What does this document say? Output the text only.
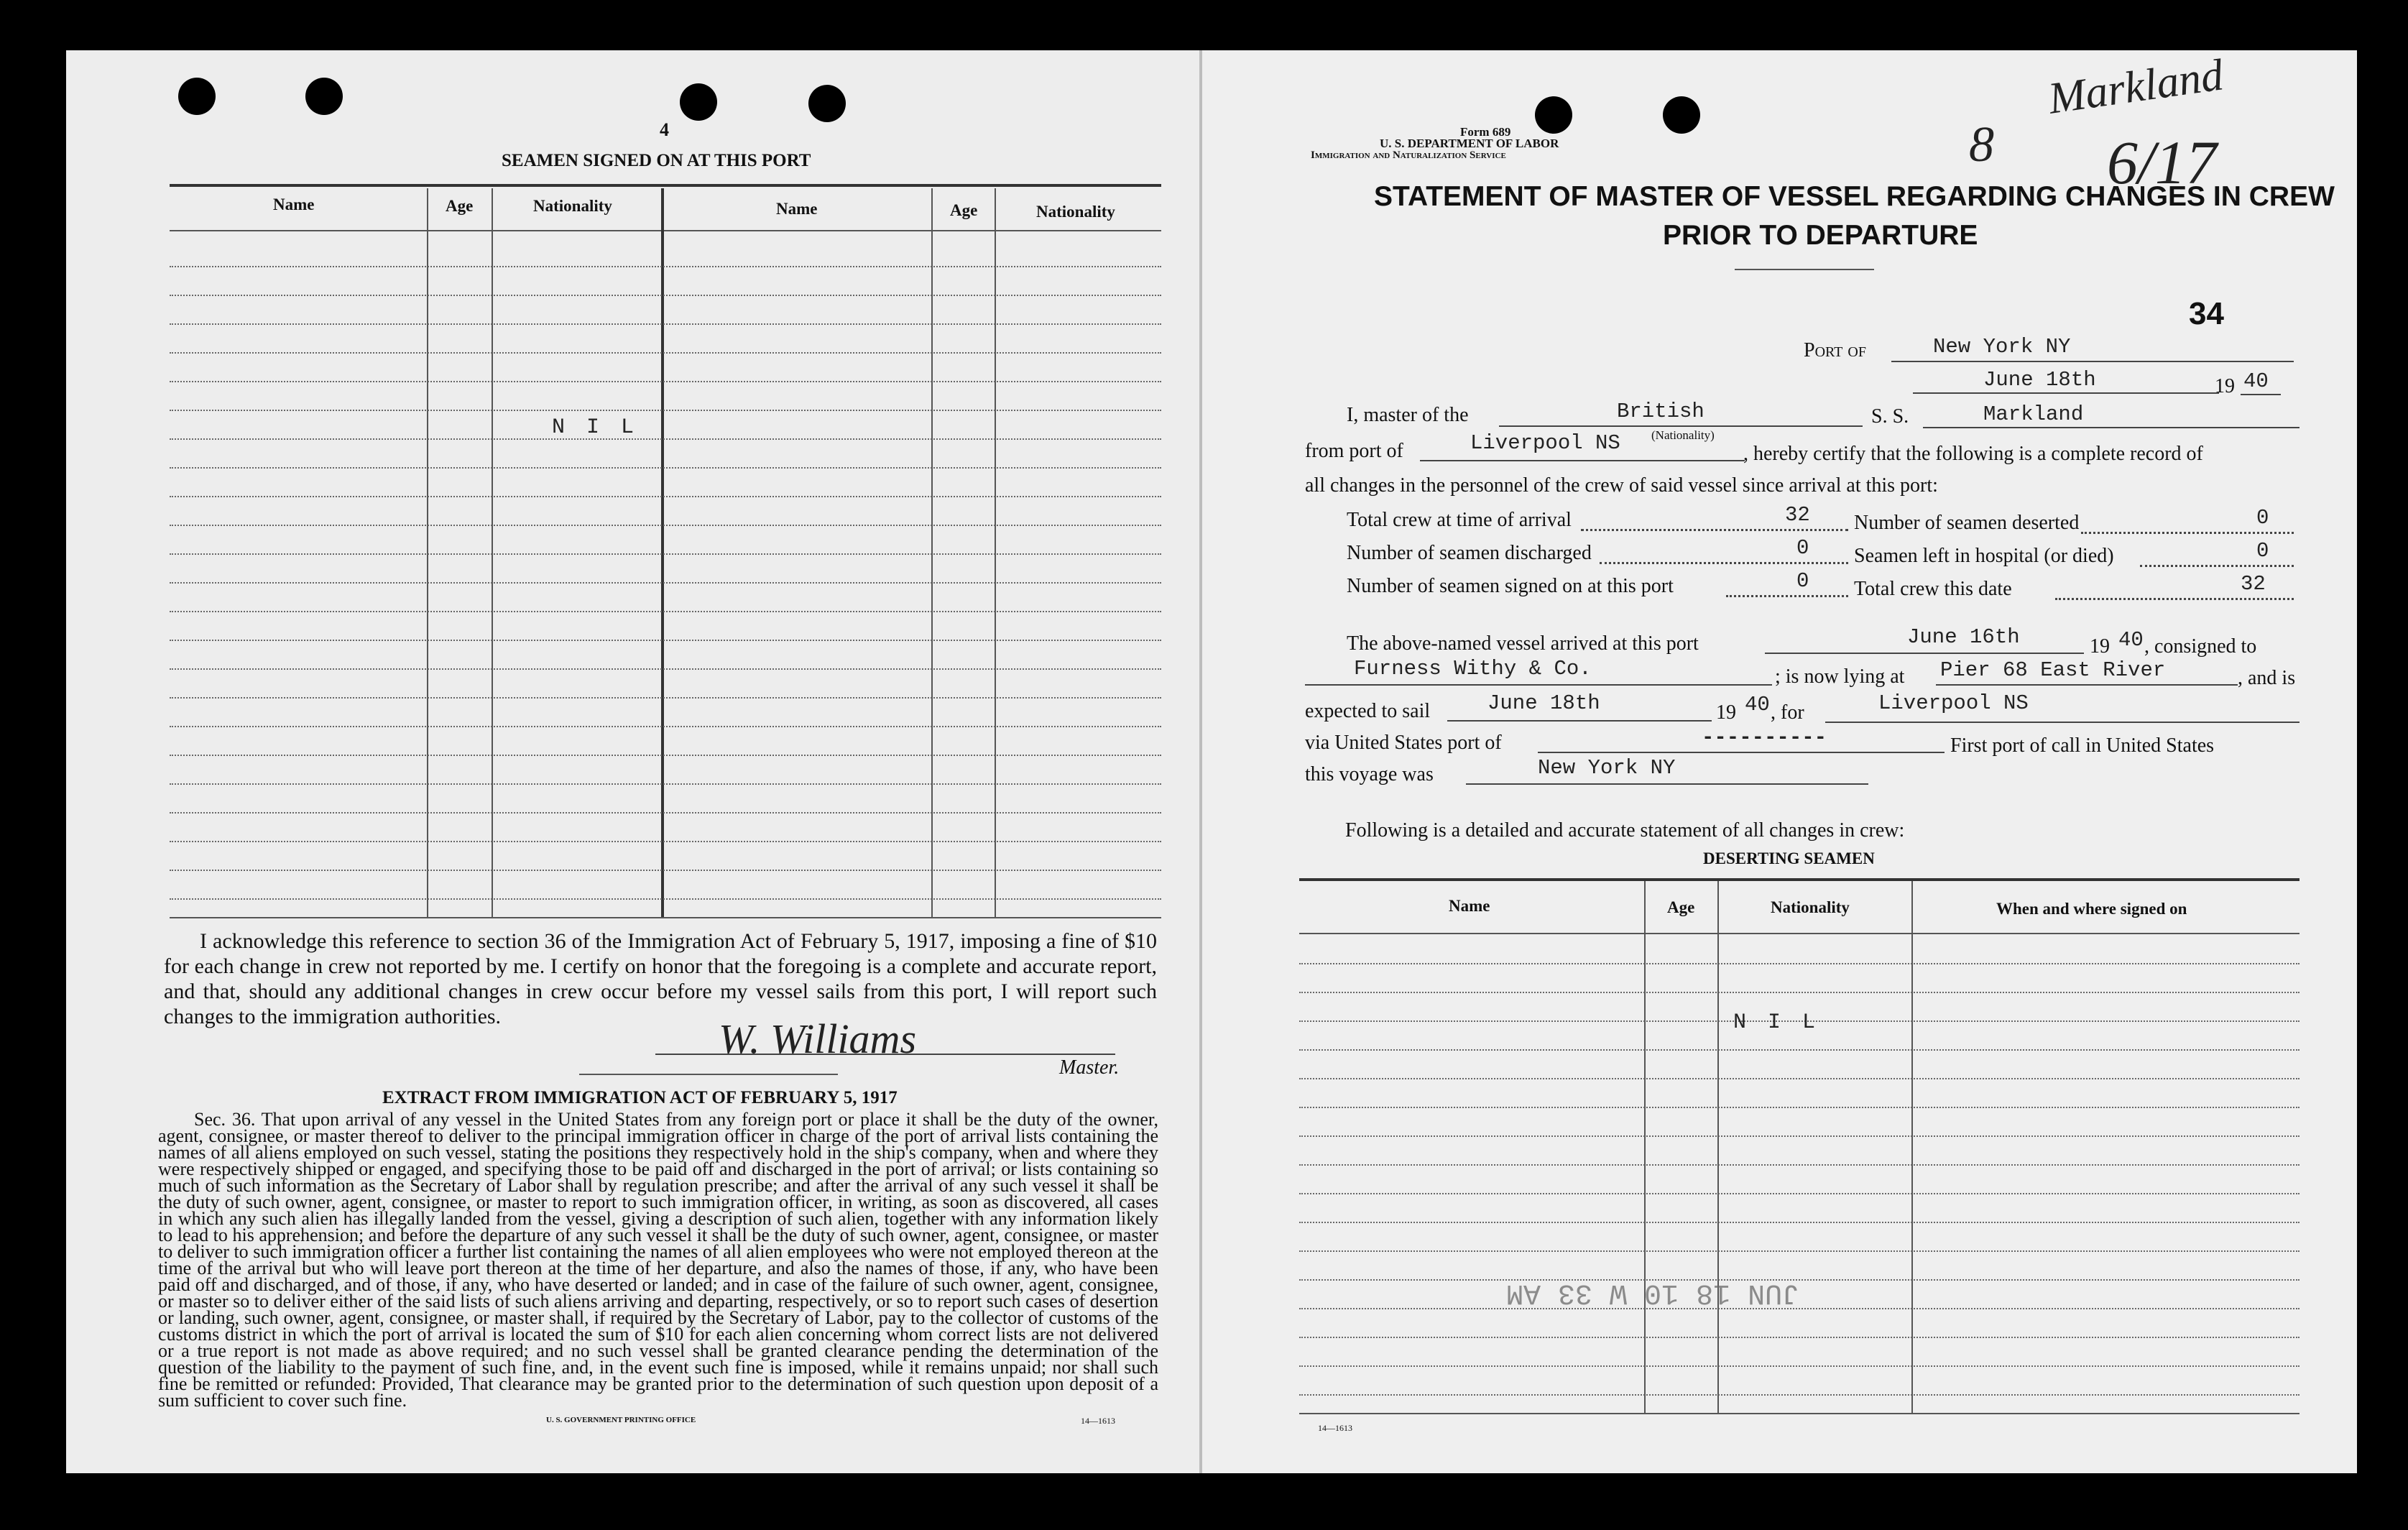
4
SEAMEN SIGNED ON AT THIS PORT
Name	Age	Nationality	Name	Age	Nationality
N I L
I acknowledge this reference to section 36 of the Immigration Act of February 5, 1917, imposing a fine of $10 for each change in crew not reported by me. I certify on honor that the foregoing is a complete and accurate report, and that, should any additional changes in crew occur before my vessel sails from this port, I will report such changes to the immigration authorities.	W. Williams
Master.
EXTRACT FROM IMMIGRATION ACT OF FEBRUARY 5, 1917
Sec. 36. That upon arrival of any vessel in the United States from any foreign port or place it shall be the duty of the owner, agent, consignee, or master thereof to deliver to the principal immigration officer in charge of the port of arrival lists containing the names of all aliens employed on such vessel, stating the positions they respectively hold in the ship's company, when and where they were respectively shipped or engaged, and specifying those to be paid off and discharged in the port of arrival; or lists containing so much of such information as the Secretary of Labor shall by regulation prescribe; and after the arrival of any such vessel it shall be the duty of such owner, agent, consignee, or master to report to such immigration officer, in writing, as soon as discovered, all cases in which any such alien has illegally landed from the vessel, giving a description of such alien, together with any information likely to lead to his apprehension; and before the departure of any such vessel it shall be the duty of such owner, agent, consignee, or master to deliver to such immigration officer a further list containing the names of all alien employees who were not employed thereon at the time of the arrival but who will leave port thereon at the time of her departure, and also the names of those, if any, who have been paid off and discharged, and of those, if any, who have deserted or landed; and in case of the failure of such owner, agent, consignee, or master so to deliver either of the said lists of such aliens arriving and departing, respectively, or so to report such cases of desertion or landing, such owner, agent, consignee, or master shall, if required by the Secretary of Labor, pay to the collector of customs of the customs district in which the port of arrival is located the sum of $10 for each alien concerning whom correct lists are not delivered or a true report is not made as above required; and no such vessel shall be granted clearance pending the determination of the question of the liability to the payment of such fine, and, in the event such fine is imposed, while it remains unpaid; nor shall such fine be remitted or refunded: Provided, That clearance may be granted prior to the determination of such question upon deposit of a sum sufficient to cover such fine.
U. S. GOVERNMENT PRINTING OFFICE	14—1613
Form 689
U. S. DEPARTMENT OF LABOR
Immigration and Naturalization Service
Markland
8 6/17
STATEMENT OF MASTER OF VESSEL REGARDING CHANGES IN CREW
PRIOR TO DEPARTURE
34
Port of	New York NY
June 18th	19 40
I, master of the	British
(Nationality)
S. S.	Markland
from port of	Liverpool NS	, hereby certify that the following is a complete record of
all changes in the personnel of the crew of said vessel since arrival at this port:
Total crew at time of arrival	32 Number of seamen deserted	0
Number of seamen discharged	0 Seamen left in hospital (or died)	0
Number of seamen signed on at this port	0 Total crew this date	32
The above-named vessel arrived at this port	June 16th	19 40 , consigned to
Furness Withy & Co.	; is now lying at Pier 68 East River	, and is
expected to sail	June 18th	19 40 , for	Liverpool NS
via United States port of	----------	First port of call in United States
this voyage was	New York NY
Following is a detailed and accurate statement of all changes in crew:
DESERTING SEAMEN
Name	Age	Nationality	When and where signed on
N I L
JUN 18 10 W 33 AM
14—1613
